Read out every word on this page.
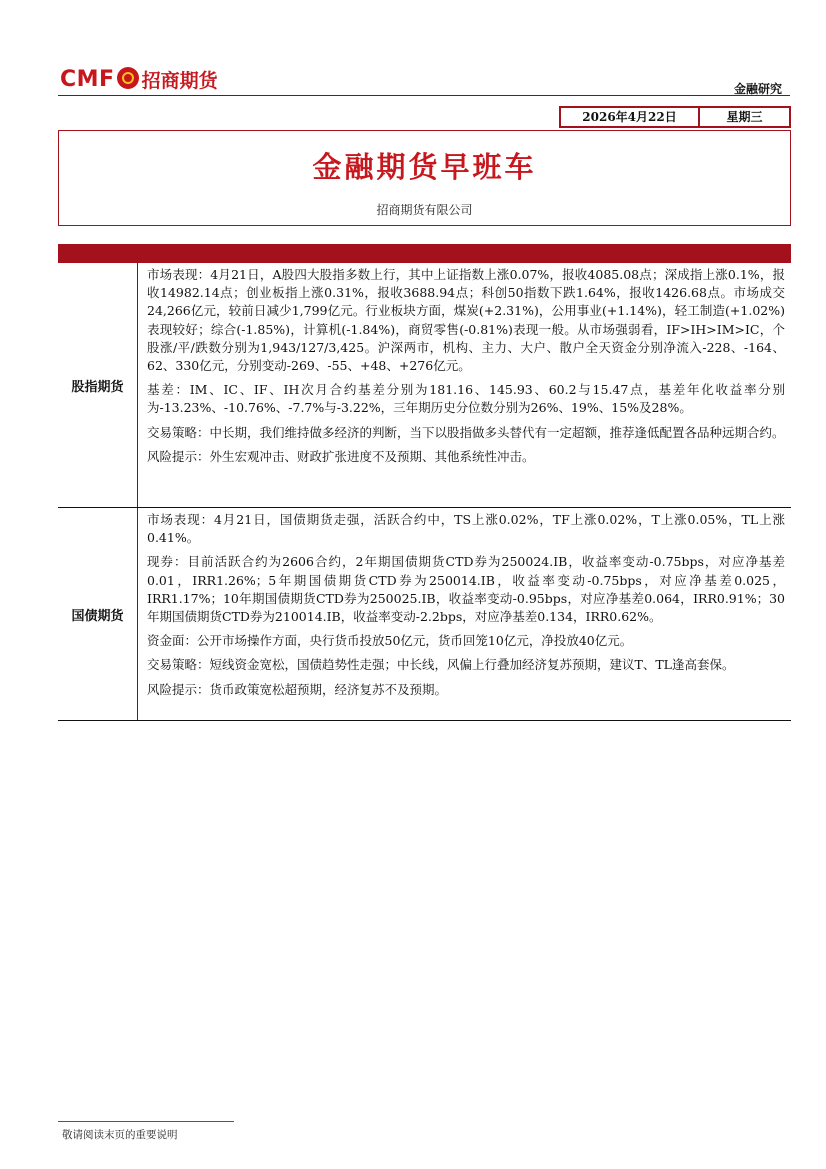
CMF 招商期货	金融研究
2026年4月22日	星期三
金融期货早班车
招商期货有限公司
股指期货

市场表现：4月21日，A股四大股指多数上行，其中上证指数上涨0.07%，报收4085.08点；深成指上涨0.1%，报收14982.14点；创业板指上涨0.31%，报收3688.94点；科创50指数下跌1.64%，报收1426.68点。市场成交24,266亿元，较前日减少1,799亿元。行业板块方面，煤炭(+2.31%)，公用事业(+1.14%)，轻工制造(+1.02%)表现较好；综合(-1.85%)，计算机(-1.84%)，商贸零售(-0.81%)表现一般。从市场强弱看，IF>IH>IM>IC，个股涨/平/跌数分别为1,943/127/3,425。沪深两市，机构、主力、大户、散户全天资金分别净流入-228、-164、62、330亿元，分别变动-269、-55、+48、+276亿元。

基差：IM、IC、IF、IH次月合约基差分别为181.16、145.93、60.2与15.47点，基差年化收益率分别为-13.23%、-10.76%、-7.7%与-3.22%，三年期历史分位数分别为26%、19%、15%及28%。

交易策略：中长期，我们维持做多经济的判断，当下以股指做多头替代有一定超额，推荐逢低配置各品种远期合约。

风险提示：外生宏观冲击、财政扩张进度不及预期、其他系统性冲击。

国债期货

市场表现：4月21日，国债期货走强，活跃合约中，TS上涨0.02%，TF上涨0.02%，T上涨0.05%，TL上涨0.41%。

现券：目前活跃合约为2606合约，2年期国债期货CTD券为250024.IB，收益率变动-0.75bps，对应净基差0.01，IRR1.26%；5年期国债期货CTD券为250014.IB，收益率变动-0.75bps，对应净基差0.025，IRR1.17%；10年期国债期货CTD券为250025.IB，收益率变动-0.95bps，对应净基差0.064，IRR0.91%；30年期国债期货CTD券为210014.IB，收益率变动-2.2bps，对应净基差0.134，IRR0.62%。

资金面：公开市场操作方面，央行货币投放50亿元，货币回笼10亿元，净投放40亿元。

交易策略：短线资金宽松，国债趋势性走强；中长线，风偏上行叠加经济复苏预期，建议T、TL逢高套保。

风险提示：货币政策宽松超预期，经济复苏不及预期。

敬请阅读末页的重要说明
